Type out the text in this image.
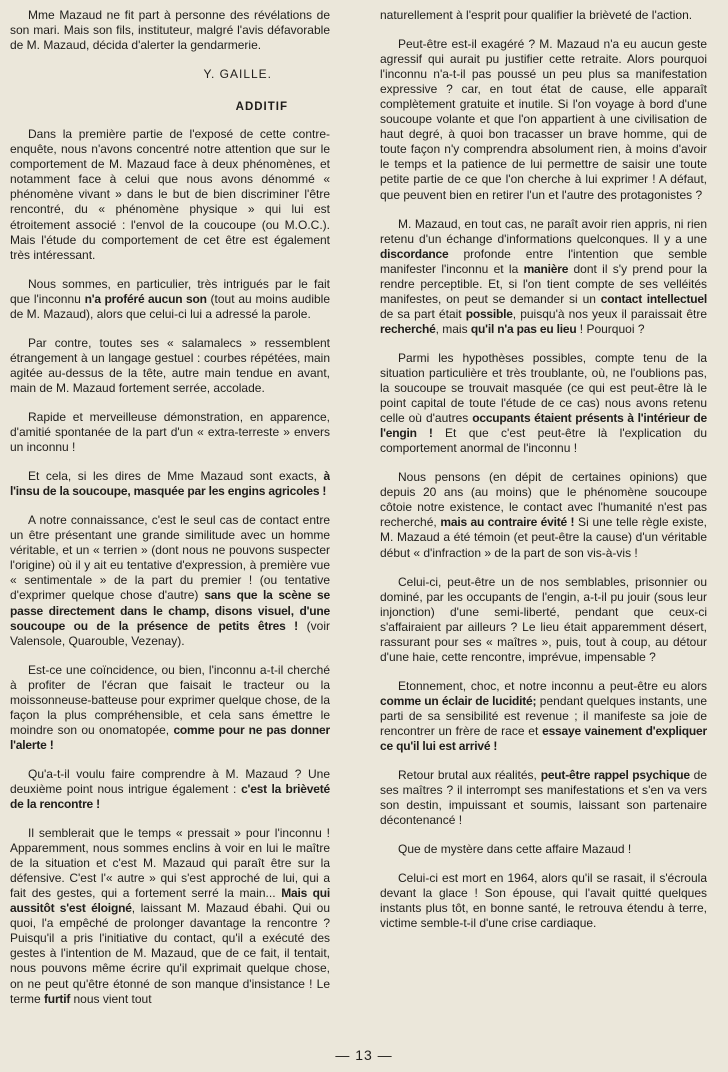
Mme Mazaud ne fit part à personne des révélations de son mari. Mais son fils, instituteur, malgré l'avis défavorable de M. Mazaud, décida d'alerter la gendarmerie.

Y. GAILLE.
ADDITIF

Dans la première partie de l'exposé de cette contre-enquête, nous n'avons concentré notre attention que sur le comportement de M. Mazaud face à deux phénomènes, et notamment face à celui que nous avons dénommé « phénomène vivant » dans le but de bien discriminer l'être rencontré, du « phénomène physique » qui lui est étroitement associé : l'envol de la coucoupe (ou M.O.C.). Mais l'étude du comportement de cet être est également très intéressant.

Nous sommes, en particulier, très intrigués par le fait que l'inconnu n'a proféré aucun son (tout au moins audible de M. Mazaud), alors que celui-ci lui a adressé la parole.

Par contre, toutes ses « salamalecs » ressemblent étrangement à un langage gestuel : courbes répétées, main agitée au-dessus de la tête, autre main tendue en avant, main de M. Mazaud fortement serrée, accolade.

Rapide et merveilleuse démonstration, en apparence, d'amitié spontanée de la part d'un « extra-terreste » envers un inconnu !

Et cela, si les dires de Mme Mazaud sont exacts, à l'insu de la soucoupe, masquée par les engins agricoles !

A notre connaissance, c'est le seul cas de contact entre un être présentant une grande similitude avec un homme véritable, et un « terrien » (dont nous ne pouvons suspecter l'origine) où il y ait eu tentative d'expression, à première vue « sentimentale » de la part du premier ! (ou tentative d'exprimer quelque chose d'autre) sans que la scène se passe directement dans le champ, disons visuel, d'une soucoupe ou de la présence de petits êtres ! (voir Valensole, Quarouble, Vezenay).

Est-ce une coïncidence, ou bien, l'inconnu a-t-il cherché à profiter de l'écran que faisait le tracteur ou la moissonneuse-batteuse pour exprimer quelque chose, de la façon la plus compréhensible, et cela sans émettre le moindre son ou onomatopée, comme pour ne pas donner l'alerte !

Qu'a-t-il voulu faire comprendre à M. Mazaud ? Une deuxième point nous intrigue également : c'est la brièveté de la rencontre !

Il semblerait que le temps « pressait » pour l'inconnu ! Apparemment, nous sommes enclins à voir en lui le maître de la situation et c'est M. Mazaud qui paraît être sur la défensive. C'est l'« autre » qui s'est approché de lui, qui a fait des gestes, qui a fortement serré la main... Mais qui aussitôt s'est éloigné, laissant M. Mazaud ébahi. Qui ou quoi, l'a empêché de prolonger davantage la rencontre ? Puisqu'il a pris l'initiative du contact, qu'il a exécuté des gestes à l'intention de M. Mazaud, que de ce fait, il tentait, nous pouvons même écrire qu'il exprimait quelque chose, on ne peut qu'être étonné de son manque d'insistance ! Le terme furtif nous vient tout

naturellement à l'esprit pour qualifier la brièveté de l'action.

Peut-être est-il exagéré ? M. Mazaud n'a eu aucun geste agressif qui aurait pu justifier cette retraite. Alors pourquoi l'inconnu n'a-t-il pas poussé un peu plus sa manifestation expressive ? car, en tout état de cause, elle apparaît complètement gratuite et inutile. Si l'on voyage à bord d'une soucoupe volante et que l'on appartient à une civilisation de haut degré, à quoi bon tracasser un brave homme, qui de toute façon n'y comprendra absolument rien, à moins d'avoir le temps et la patience de lui permettre de saisir une toute petite partie de ce que l'on cherche à lui exprimer ! A défaut, que peuvent bien en retirer l'un et l'autre des protagonistes ?

M. Mazaud, en tout cas, ne paraît avoir rien appris, ni rien retenu d'un échange d'informations quelconques. Il y a une discordance profonde entre l'intention que semble manifester l'inconnu et la manière dont il s'y prend pour la rendre perceptible. Et, si l'on tient compte de ses velléités manifestes, on peut se demander si un contact intellectuel de sa part était possible, puisqu'à nos yeux il paraissait être recherché, mais qu'il n'a pas eu lieu ! Pourquoi ?

Parmi les hypothèses possibles, compte tenu de la situation particulière et très troublante, où, ne l'oublions pas, la soucoupe se trouvait masquée (ce qui est peut-être là le point capital de toute l'étude de ce cas) nous avons retenu celle où d'autres occupants étaient présents à l'intérieur de l'engin ! Et que c'est peut-être là l'explication du comportement anormal de l'inconnu !

Nous pensons (en dépit de certaines opinions) que depuis 20 ans (au moins) que le phénomène soucoupe côtoie notre existence, le contact avec l'humanité n'est pas recherché, mais au contraire évité ! Si une telle règle existe, M. Mazaud a été témoin (et peut-être la cause) d'un véritable début « d'infraction » de la part de son vis-à-vis !

Celui-ci, peut-être un de nos semblables, prisonnier ou dominé, par les occupants de l'engin, a-t-il pu jouir (sous leur injonction) d'une semi-liberté, pendant que ceux-ci s'affairaient par ailleurs ? Le lieu était apparemment désert, rassurant pour ses « maîtres », puis, tout à coup, au détour d'une haie, cette rencontre, imprévue, impensable ?

Etonnement, choc, et notre inconnu a peut-être eu alors comme un éclair de lucidité; pendant quelques instants, une parti de sa sensibilité est revenue ; il manifeste sa joie de rencontrer un frère de race et essaye vainement d'expliquer ce qu'il lui est arrivé !

Retour brutal aux réalités, peut-être rappel psychique de ses maîtres ? il interrompt ses manifestations et s'en va vers son destin, impuissant et soumis, laissant son partenaire décontenancé !

Que de mystère dans cette affaire Mazaud !

Celui-ci est mort en 1964, alors qu'il se rasait, il s'écroula devant la glace ! Son épouse, qui l'avait quitté quelques instants plus tôt, en bonne santé, le retrouva étendu à terre, victime semble-t-il d'une crise cardiaque.

— 13 —
